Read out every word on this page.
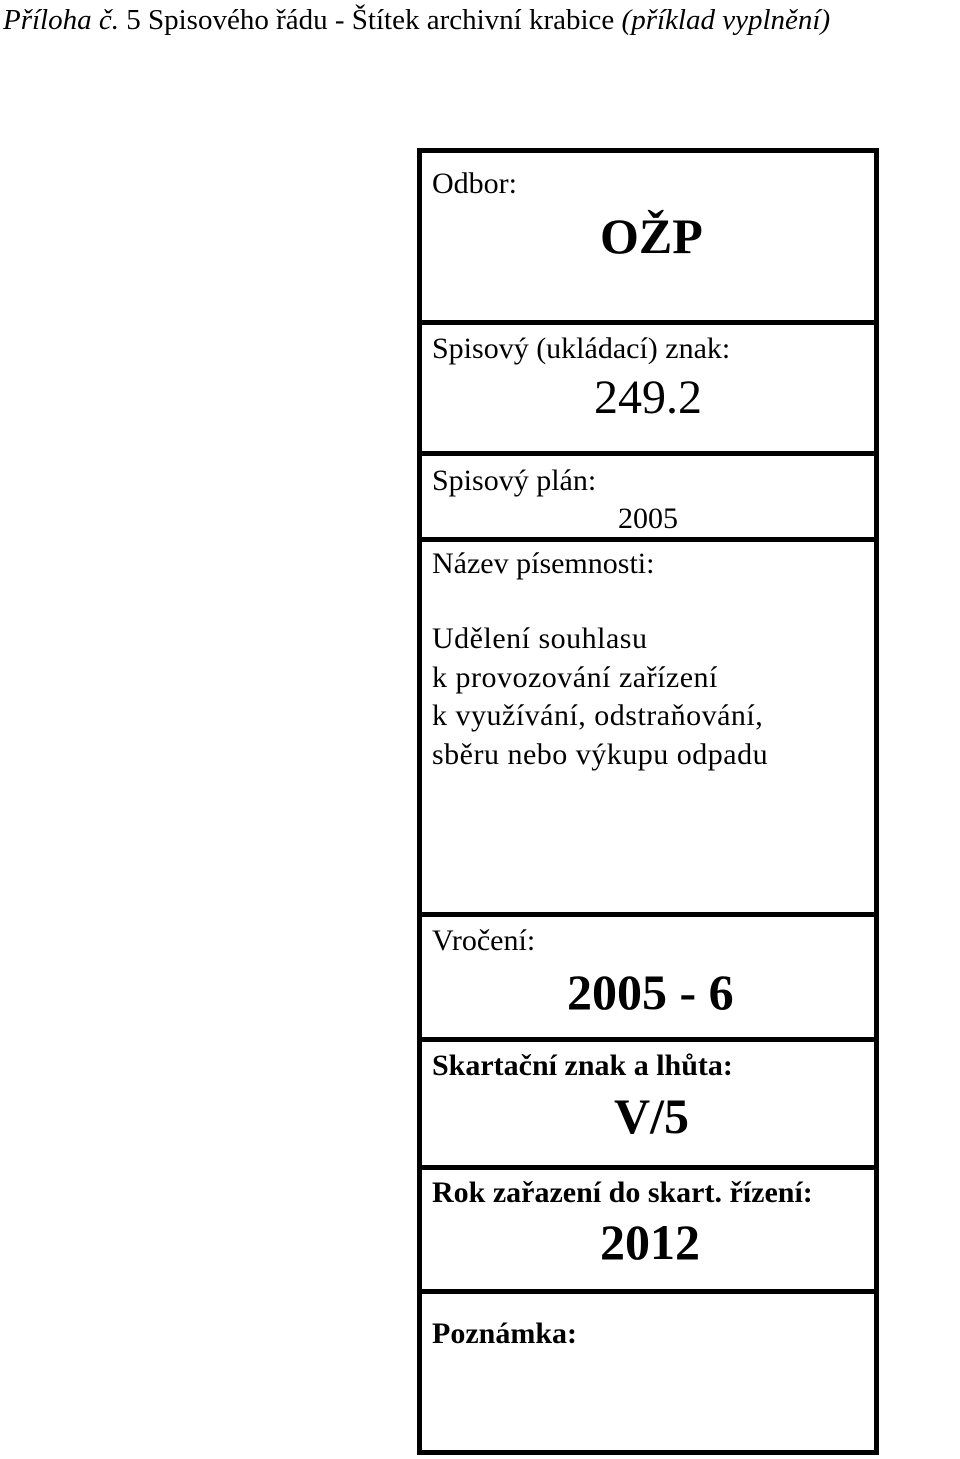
Příloha č. 5 Spisového řádu - Štítek archivní krabice (příklad vyplnění)
Odbor:
OŽP
Spisový (ukládací) znak:
249.2
Spisový plán:
2005
Název písemnosti:
Udělení souhlasu
k provozování zařízení
k využívání, odstraňování,
sběru nebo výkupu odpadu
Vročení:
2005 - 6
Skartační znak a lhůta:
V/5
Rok zařazení do skart. řízení:
2012
Poznámka:
